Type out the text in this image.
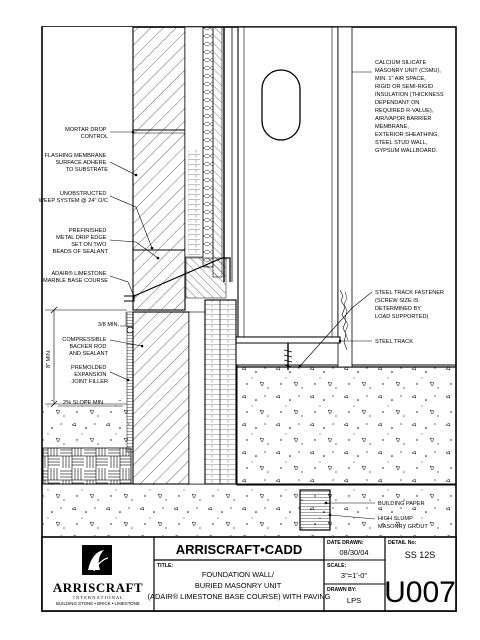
MORTAR DROP CONTROL
FLASHING MEMBRANE SURFACE ADHERE TO SUBSTRATE
UNOBSTRUCTED WEEP SYSTEM @ 24" O/C
PREFINISHED METAL DRIP EDGE SET ON TWO BEADS OF SEALANT
ADAIR® LIMESTONE MARBLE BASE COURSE
COMPRESSIBLE BACKER ROD AND SEALANT
PREMOLDED EXPANSION JOINT FILLER
3/8 MIN.
8" MIN.
2% SLOPE MIN.
CALCIUM SILICATE MASONRY UNIT (CSMU), MIN. 1" AIR SPACE, RIGID OR SEMI-RIGID INSULATION (THICKNESS DEPENDANT ON REQUIRED R-VALUE), AIR/VAPOR BARRIER MEMBRANE, EXTERIOR SHEATHING, STEEL STUD WALL, GYPSUM WALLBOARD.
STEEL TRACK FASTENER (SCREW SIZE IS DETERMINED BY LOAD SUPPORTED)
STEEL TRACK
BUILDING PAPER
HIGH SLUMP MASONRY GROUT
ARRISCRAFT
I N T E R N A T I O N A L
BUILDING STONE • BRICK • LIMESTONE
ARRISCRAFT•CADD
TITLE:
FOUNDATION WALL/ BURIED MASONRY UNIT (ADAIR® LIMESTONE BASE COURSE) WITH PAVING
DATE DRAWN:
08/30/04
SCALE:
3"=1'-0"
DRAWN BY:
LPS
DETAIL No:
SS 12S
U007
